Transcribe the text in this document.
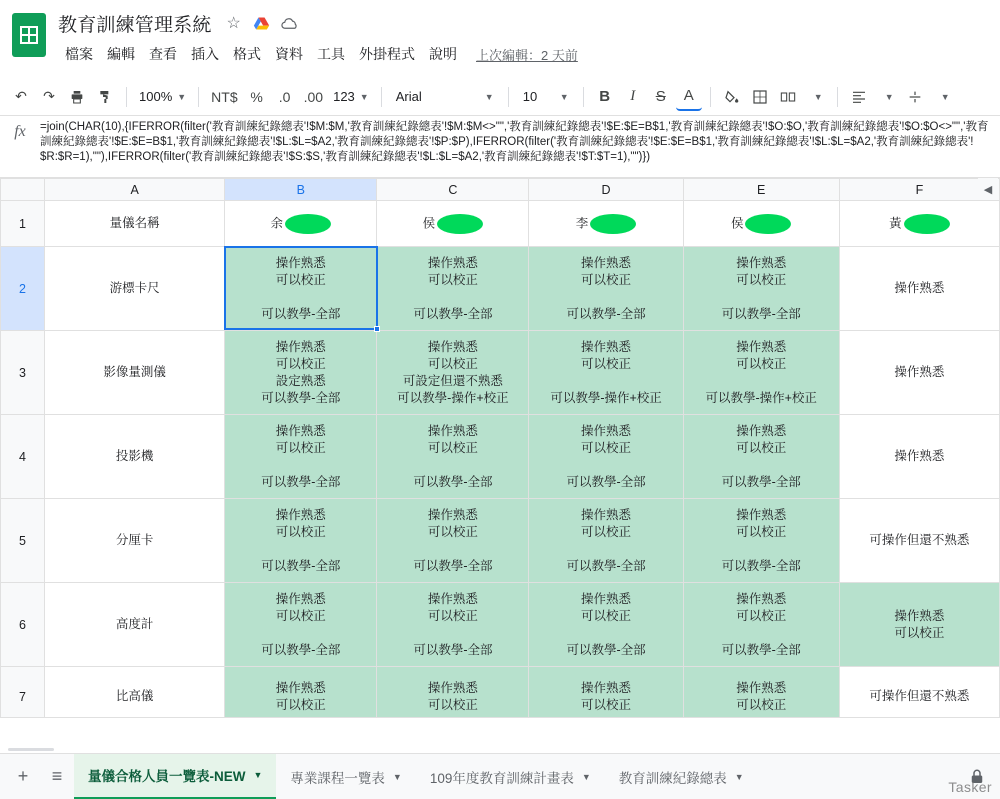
教育訓練管理系統 ☆
檔案	編輯	查看	插入	格式	資料	工具	外掛程式	說明	上次編輯：2 天前
↶	↷	100% ▼ NT$ %	.0 .00 123 ▼ Arial	▼ 10	▼	B	I	S	A	▼	▼	▼
fx	=join(CHAR(10),{IFERROR(filter('教育訓練紀錄總表'!$M:$M,'教育訓練紀錄總表'!$M:$M<>"",'教育訓練紀錄總表'!$E:$E=B$1,'教育訓練紀錄總表'!$O:$O,'教育訓練紀錄總表'!$O:$O<>"",'教育訓練紀錄總表'!$E:$E=B$1,'教育訓練紀錄總表'!$L:$L=$A2,'教育訓練紀錄總表'!$P:$P),IFERROR(filter('教育訓練紀錄總表'!$E:$E=B$1,'教育訓練紀錄總表'!$L:$L=$A2,'教育訓練紀錄總表'!$R:$R=1),""),IFERROR(filter('教育訓練紀錄總表'!$S:$S,'教育訓練紀錄總表'!$L:$L=$A2,'教育訓練紀錄總表'!$T:$T=1),"")})
	A	B	C	D	E	F
1	量儀名稱	余	侯	李	侯	黃
2	游標卡尺	操作熟悉
可以校正
可以教學-全部	操作熟悉
可以校正
可以教學-全部	操作熟悉
可以校正
可以教學-全部	操作熟悉
可以校正
可以教學-全部	操作熟悉

3	影像量測儀	操作熟悉
可以校正
設定熟悉
可以教學-全部	操作熟悉
可以校正
可設定但還不熟悉
可以教學-操作+校正	操作熟悉
可以校正
可以教學-操作+校正	操作熟悉
可以校正
可以教學-操作+校正	操作熟悉

4	投影機	操作熟悉
可以校正
可以教學-全部	操作熟悉
可以校正
可以教學-全部	操作熟悉
可以校正
可以教學-全部	操作熟悉
可以校正
可以教學-全部	操作熟悉

5	分厘卡	操作熟悉
可以校正
可以教學-全部	操作熟悉
可以校正
可以教學-全部	操作熟悉
可以校正
可以教學-全部	操作熟悉
可以校正
可以教學-全部	可操作但還不熟悉

6	高度計	操作熟悉
可以校正
可以教學-全部	操作熟悉
可以校正
可以教學-全部	操作熟悉
可以校正
可以教學-全部	操作熟悉
可以校正
可以教學-全部	操作熟悉
可以校正

7	比高儀	操作熟悉
可以校正	操作熟悉
可以校正	操作熟悉
可以校正	操作熟悉
可以校正	可操作但還不熟悉
◀
+	≡	量儀合格人員一覽表-NEW ▼ 專業課程一覽表 ▼ 109年度教育訓練計畫表 ▼ 教育訓練紀錄總表 ▼
Tasker
